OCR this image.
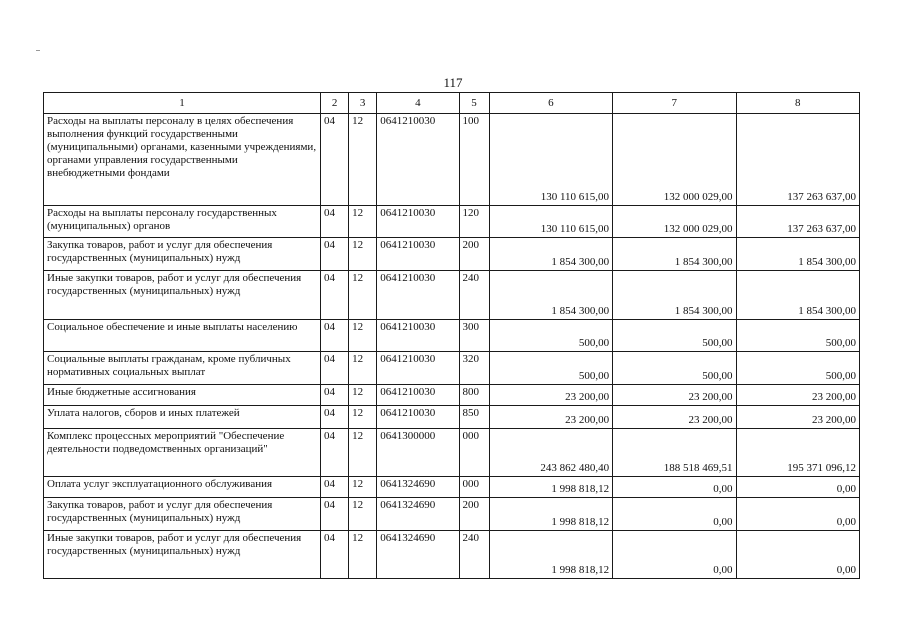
117
1	2	3	4	5	6	7	8
Расходы на выплаты персоналу в целях обеспечения выполнения функций государственными (муниципальными) органами, казенными учреждениями, органами управления государственными внебюджетными фондами	04	12	0641210030	100	130 110 615,00	132 000 029,00	137 263 637,00
Расходы на выплаты персоналу государственных (муниципальных) органов	04	12	0641210030	120	130 110 615,00	132 000 029,00	137 263 637,00
Закупка товаров, работ и услуг для обеспечения государственных (муниципальных) нужд	04	12	0641210030	200	1 854 300,00	1 854 300,00	1 854 300,00
Иные закупки товаров, работ и услуг для обеспечения государственных (муниципальных) нужд	04	12	0641210030	240	1 854 300,00	1 854 300,00	1 854 300,00
Социальное обеспечение и иные выплаты населению	04	12	0641210030	300	500,00	500,00	500,00
Социальные выплаты гражданам, кроме публичных нормативных социальных выплат	04	12	0641210030	320	500,00	500,00	500,00
Иные бюджетные ассигнования	04	12	0641210030	800	23 200,00	23 200,00	23 200,00
Уплата налогов, сборов и иных платежей	04	12	0641210030	850	23 200,00	23 200,00	23 200,00
Комплекс процессных мероприятий "Обеспечение деятельности подведомственных организаций"	04	12	0641300000	000	243 862 480,40	188 518 469,51	195 371 096,12
Оплата услуг эксплуатационного обслуживания	04	12	0641324690	000	1 998 818,12	0,00	0,00
Закупка товаров, работ и услуг для обеспечения государственных (муниципальных) нужд	04	12	0641324690	200	1 998 818,12	0,00	0,00
Иные закупки товаров, работ и услуг для обеспечения государственных (муниципальных) нужд	04	12	0641324690	240	1 998 818,12	0,00	0,00
